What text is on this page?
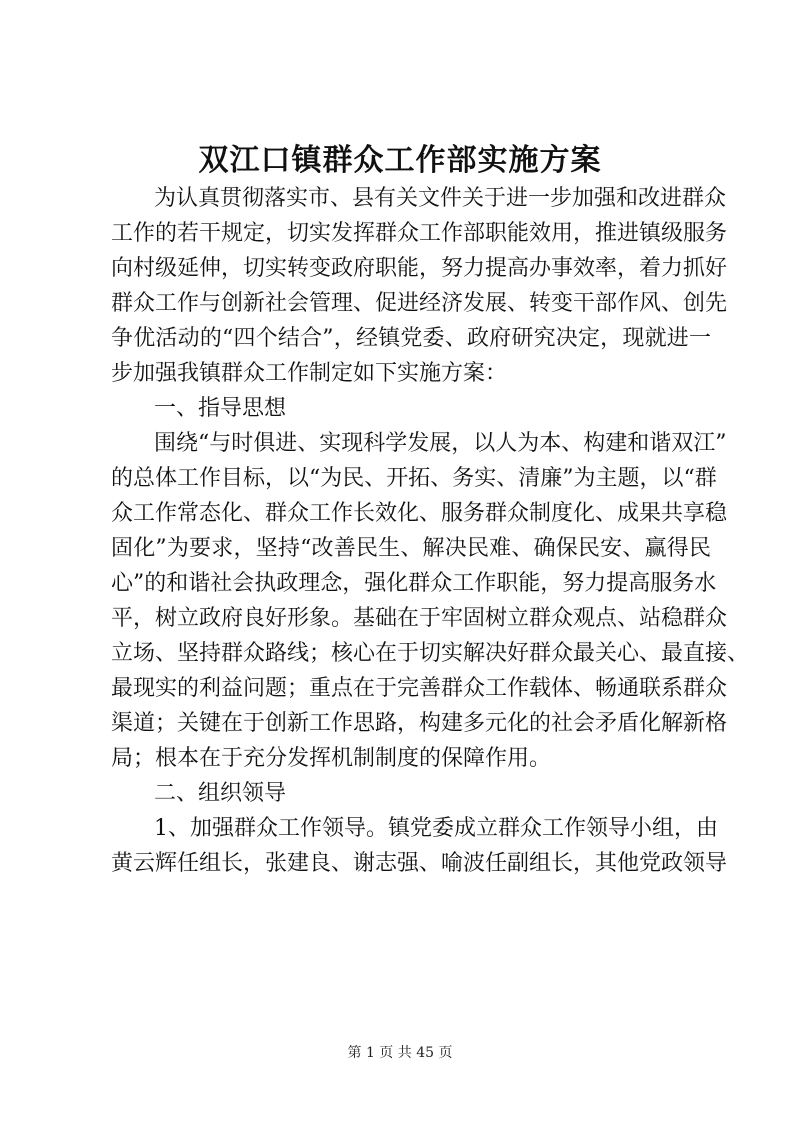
双江口镇群众工作部实施方案
为认真贯彻落实市、县有关文件关于进一步加强和改进群众
工作的若干规定，切实发挥群众工作部职能效用，推进镇级服务
向村级延伸，切实转变政府职能，努力提高办事效率，着力抓好
群众工作与创新社会管理、促进经济发展、转变干部作风、创先
争优活动的“四个结合”，经镇党委、政府研究决定，现就进一
步加强我镇群众工作制定如下实施方案：
一、指导思想
围绕“与时俱进、实现科学发展，以人为本、构建和谐双江”
的总体工作目标，以“为民、开拓、务实、清廉”为主题，以“群
众工作常态化、群众工作长效化、服务群众制度化、成果共享稳
固化”为要求，坚持“改善民生、解决民难、确保民安、赢得民
心”的和谐社会执政理念，强化群众工作职能，努力提高服务水
平，树立政府良好形象。基础在于牢固树立群众观点、站稳群众
立场、坚持群众路线；核心在于切实解决好群众最关心、最直接、
最现实的利益问题；重点在于完善群众工作载体、畅通联系群众
渠道；关键在于创新工作思路，构建多元化的社会矛盾化解新格
局；根本在于充分发挥机制制度的保障作用。
二、组织领导
1、加强群众工作领导。镇党委成立群众工作领导小组，由
黄云辉任组长，张建良、谢志强、喻波任副组长，其他党政领导
第 1 页 共 45 页
